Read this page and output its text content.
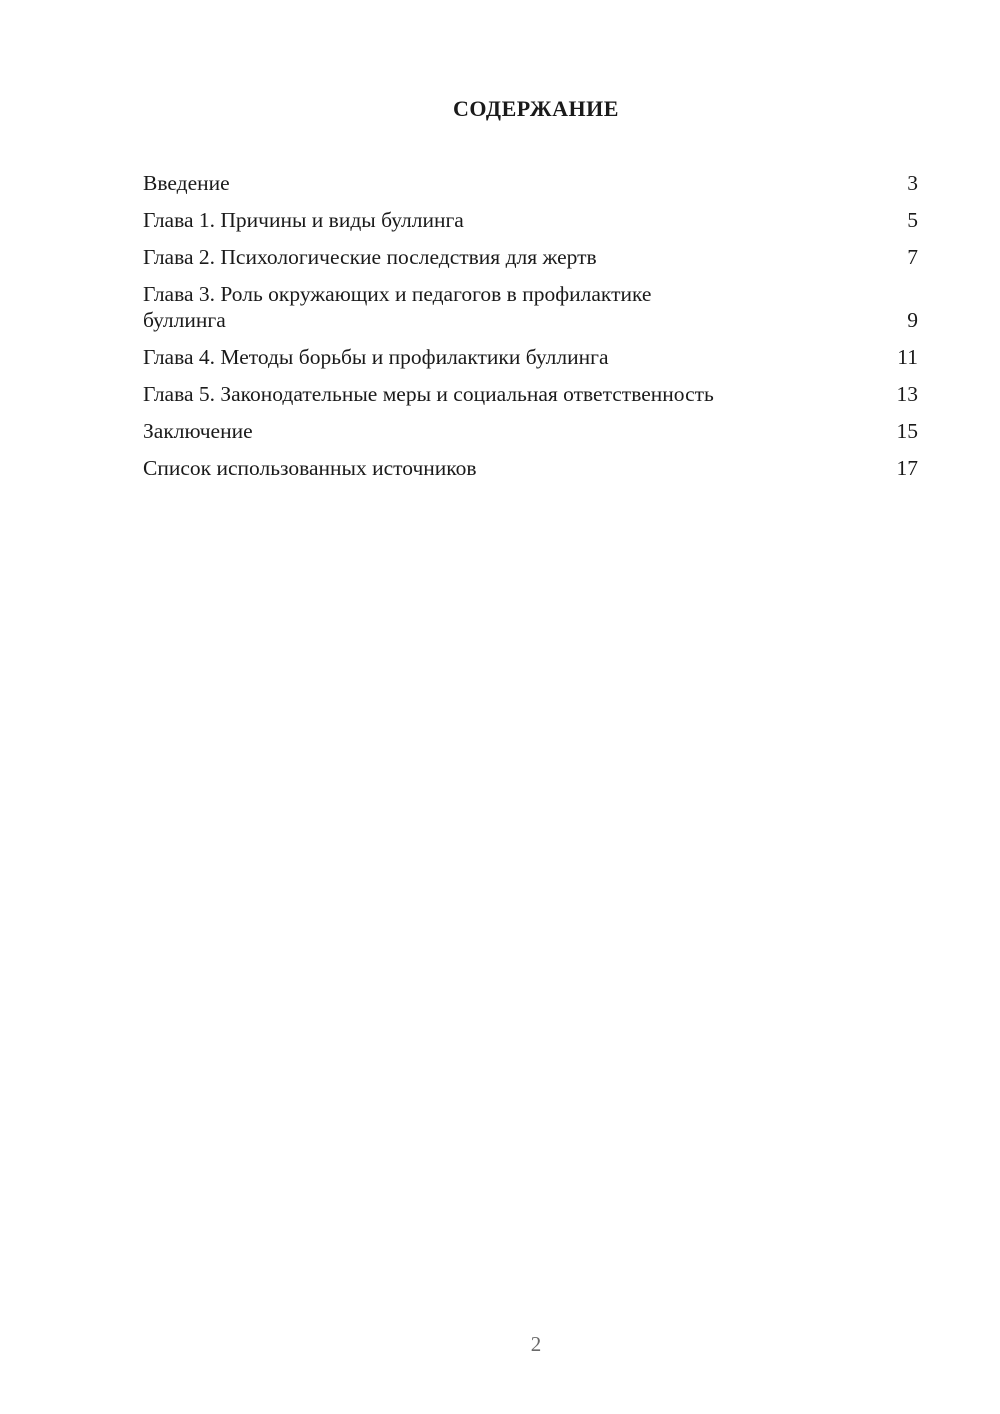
СОДЕРЖАНИЕ
Введение	3
Глава 1. Причины и виды буллинга	5
Глава 2. Психологические последствия для жертв	7
Глава 3. Роль окружающих и педагогов в профилактике
буллинга	9
Глава 4. Методы борьбы и профилактики буллинга	11
Глава 5. Законодательные меры и социальная ответственность	13
Заключение	15
Список использованных источников	17
2
